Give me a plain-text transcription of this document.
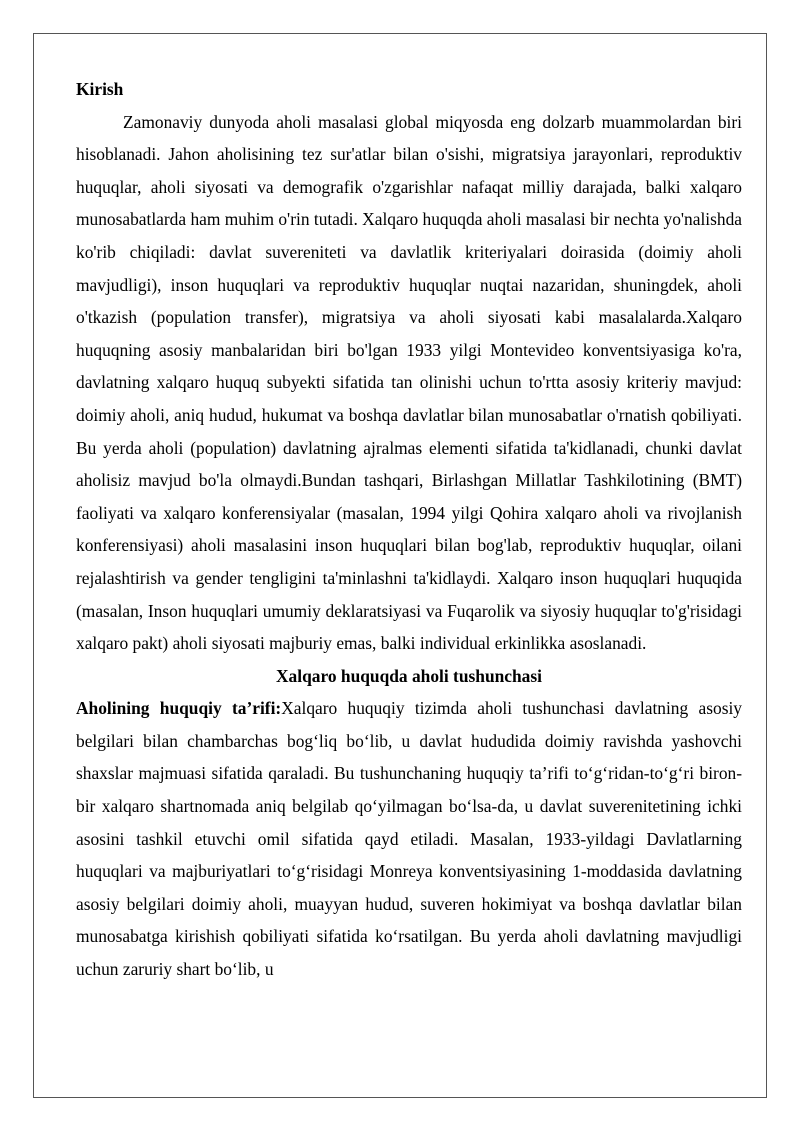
Kirish

Zamonaviy dunyoda aholi masalasi global miqyosda eng dolzarb muammolardan biri hisoblanadi. Jahon aholisining tez sur'atlar bilan o'sishi, migratsiya jarayonlari, reproduktiv huquqlar, aholi siyosati va demografik o'zgarishlar nafaqat milliy darajada, balki xalqaro munosabatlarda ham muhim o'rin tutadi. Xalqaro huquqda aholi masalasi bir nechta yo'nalishda ko'rib chiqiladi: davlat suvereniteti va davlatlik kriteriyalari doirasida (doimiy aholi mavjudligi), inson huquqlari va reproduktiv huquqlar nuqtai nazaridan, shuningdek, aholi o'tkazish (population transfer), migratsiya va aholi siyosati kabi masalalarda.Xalqaro huquqning asosiy manbalaridan biri bo'lgan 1933 yilgi Montevideo konventsiyasiga ko'ra, davlatning xalqaro huquq subyekti sifatida tan olinishi uchun to'rtta asosiy kriteriy mavjud: doimiy aholi, aniq hudud, hukumat va boshqa davlatlar bilan munosabatlar o'rnatish qobiliyati. Bu yerda aholi (population) davlatning ajralmas elementi sifatida ta'kidlanadi, chunki davlat aholisiz mavjud bo'la olmaydi.Bundan tashqari, Birlashgan Millatlar Tashkilotining (BMT) faoliyati va xalqaro konferensiyalar (masalan, 1994 yilgi Qohira xalqaro aholi va rivojlanish konferensiyasi) aholi masalasini inson huquqlari bilan bog'lab, reproduktiv huquqlar, oilani rejalashtirish va gender tengligini ta'minlashni ta'kidlaydi. Xalqaro inson huquqlari huquqida (masalan, Inson huquqlari umumiy deklaratsiyasi va Fuqarolik va siyosiy huquqlar to'g'risidagi xalqaro pakt) aholi siyosati majburiy emas, balki individual erkinlikka asoslanadi.

Xalqaro huquqda aholi tushunchasi

Aholining huquqiy ta’rifi:Xalqaro huquqiy tizimda aholi tushunchasi davlatning asosiy belgilari bilan chambarchas bog‘liq bo‘lib, u davlat hududida doimiy ravishda yashovchi shaxslar majmuasi sifatida qaraladi. Bu tushunchaning huquqiy ta’rifi to‘g‘ridan-to‘g‘ri biron-bir xalqaro shartnomada aniq belgilab qo‘yilmagan bo‘lsa-da, u davlat suverenitetining ichki asosini tashkil etuvchi omil sifatida qayd etiladi. Masalan, 1933-yildagi Davlatlarning huquqlari va majburiyatlari to‘g‘risidagi Monreya konventsiyasining 1-moddasida davlatning asosiy belgilari doimiy aholi, muayyan hudud, suveren hokimiyat va boshqa davlatlar bilan munosabatga kirishish qobiliyati sifatida ko‘rsatilgan. Bu yerda aholi davlatning mavjudligi uchun zaruriy shart bo‘lib, u
